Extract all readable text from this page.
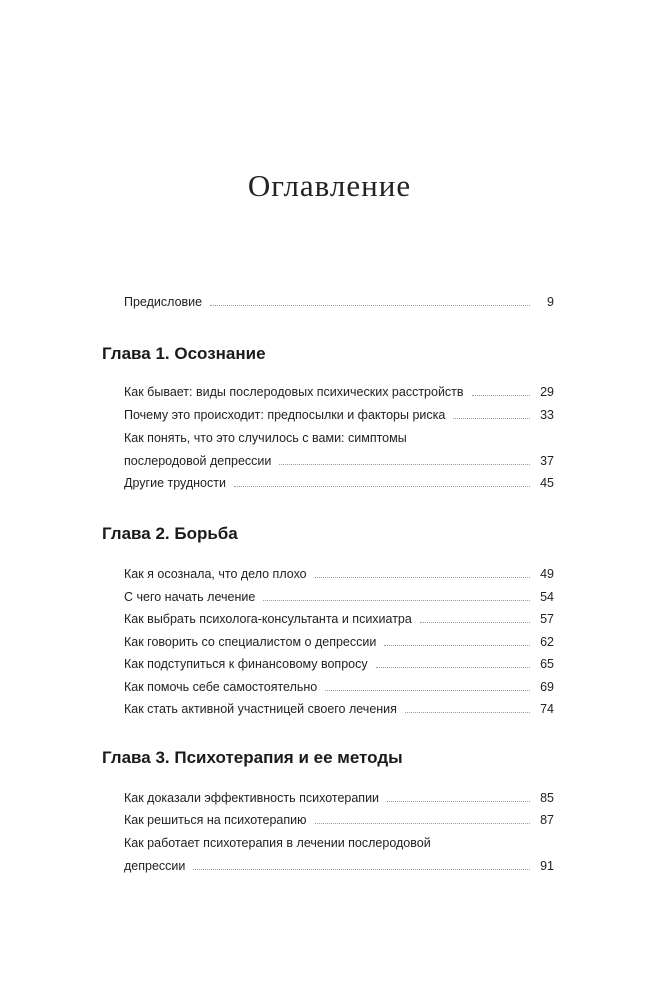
Оглавление
Предисловие	9
Глава 1. Осознание
Как бывает: виды послеродовых психических расстройств	29
Почему это происходит: предпосылки и факторы риска	33
Как понять, что это случилось с вами: симптомы
послеродовой депрессии	37
Другие трудности	45
Глава 2. Борьба
Как я осознала, что дело плохо	49
С чего начать лечение	54
Как выбрать психолога-консультанта и психиатра	57
Как говорить со специалистом о депрессии	62
Как подступиться к финансовому вопросу	65
Как помочь себе самостоятельно	69
Как стать активной участницей своего лечения	74
Глава 3. Психотерапия и ее методы
Как доказали эффективность психотерапии	85
Как решиться на психотерапию	87
Как работает психотерапия в лечении послеродовой
депрессии	91
